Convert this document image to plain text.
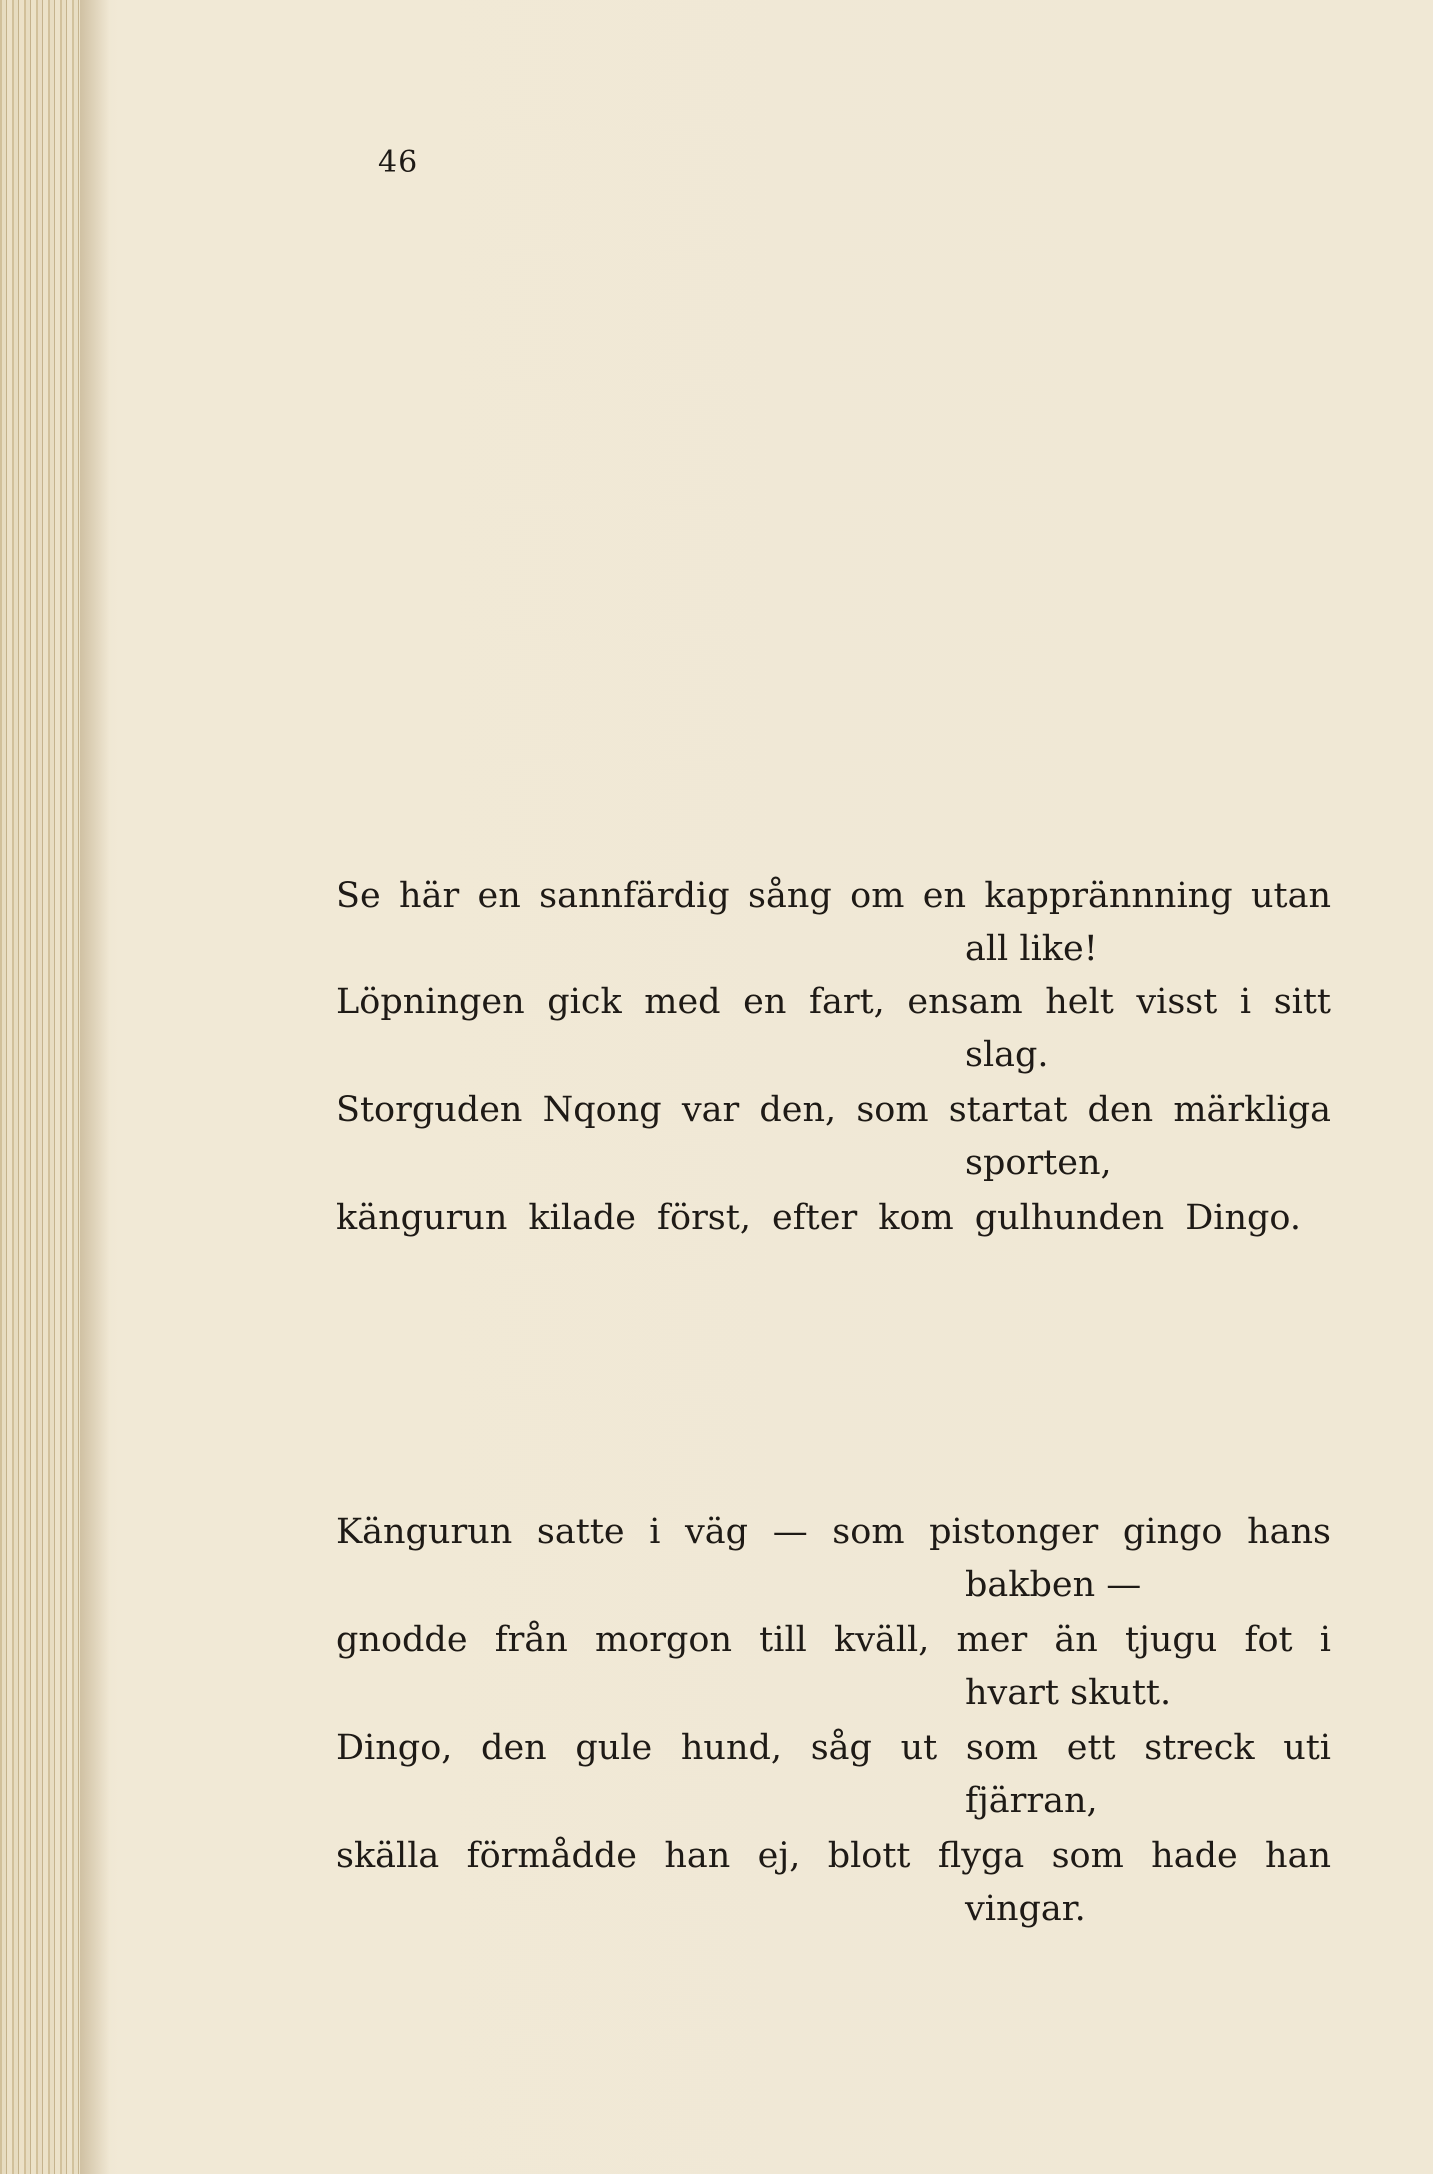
46
Se här en sannfärdig sång om en kapprännning utan
all like!
Löpningen gick med en fart, ensam helt visst i sitt
slag.
Storguden Nqong var den, som startat den märkliga
sporten,
kängurun kilade först, efter kom gulhunden Dingo.
Kängurun satte i väg — som pistonger gingo hans
bakben —
gnodde från morgon till kväll, mer än tjugu fot i
hvart skutt.
Dingo, den gule hund, såg ut som ett streck uti
fjärran,
skälla förmådde han ej, blott flyga som hade han
vingar.
